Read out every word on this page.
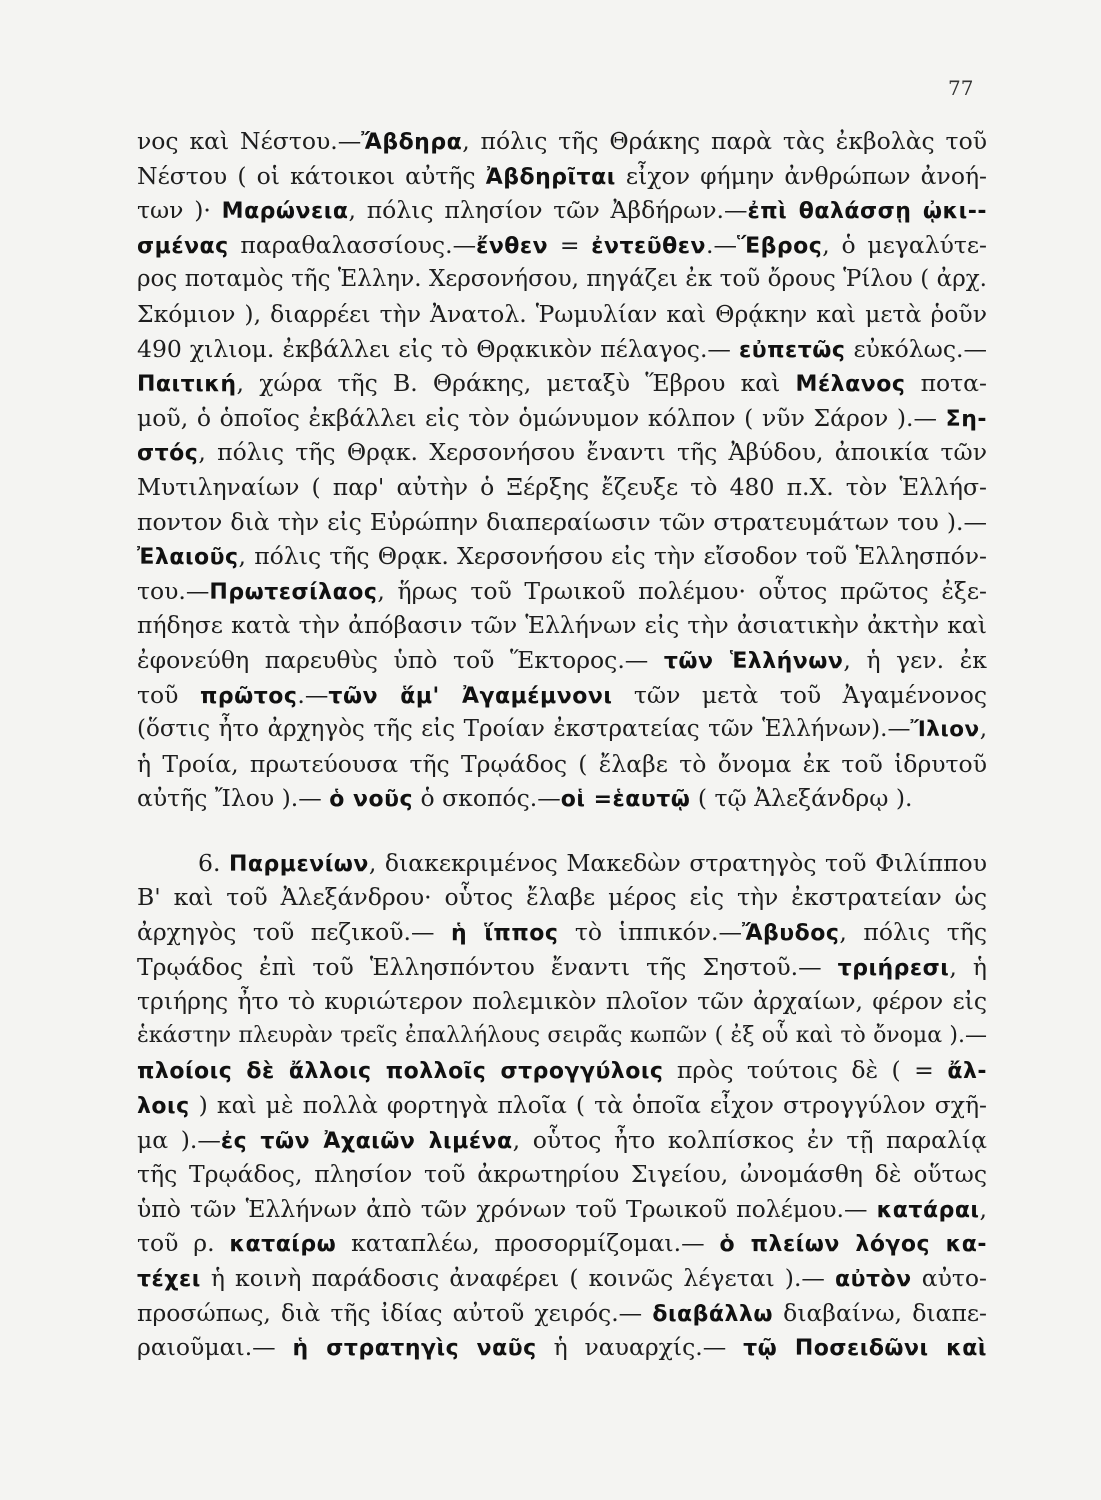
77
νος καὶ Νέστου.—Ἄβδηρα, πόλις τῆς Θράκης παρὰ τὰς ἐκβολὰς τοῦ
Νέστου ( οἱ κάτοικοι αὐτῆς Ἀβδηρῖται εἶχον φήμην ἀνθρώπων ἀνοή-
των )· Μαρώνεια, πόλις πλησίον τῶν Ἀβδήρων.—ἐπὶ θαλάσσῃ ᾠκι--
σμένας παραθαλασσίους.—ἔνθεν = ἐντεῦθεν.—Ἕβρος, ὁ μεγαλύτε-
ρος ποταμὸς τῆς Ἑλλην. Χερσονήσου, πηγάζει ἐκ τοῦ ὄρους Ῥίλου ( ἀρχ.
Σκόμιον ), διαρρέει τὴν Ἀνατολ. Ῥωμυλίαν καὶ Θρᾴκην καὶ μετὰ ῥοῦν
490 χιλιομ. ἐκβάλλει εἰς τὸ Θρᾳκικὸν πέλαγος.— εὐπετῶς εὐκόλως.—
Παιτική, χώρα τῆς Β. Θράκης, μεταξὺ Ἕβρου καὶ Μέλανος ποτα-
μοῦ, ὁ ὁποῖος ἐκβάλλει εἰς τὸν ὁμώνυμον κόλπον ( νῦν Σάρον ).— Ση-
στός, πόλις τῆς Θρᾳκ. Χερσονήσου ἔναντι τῆς Ἀβύδου, ἀποικία τῶν
Μυτιληναίων ( παρ' αὐτὴν ὁ Ξέρξης ἔζευξε τὸ 480 π.Χ. τὸν Ἑλλήσ-
ποντον διὰ τὴν εἰς Εὐρώπην διαπεραίωσιν τῶν στρατευμάτων του ).—
Ἐλαιοῦς, πόλις τῆς Θρᾳκ. Χερσονήσου εἰς τὴν εἴσοδον τοῦ Ἑλλησπόν-
του.—Πρωτεσίλαος, ἥρως τοῦ Τρωικοῦ πολέμου· οὗτος πρῶτος ἐξε-
πήδησε κατὰ τὴν ἀπόβασιν τῶν Ἑλλήνων εἰς τὴν ἀσιατικὴν ἀκτὴν καὶ
ἐφονεύθη παρευθὺς ὑπὸ τοῦ Ἕκτορος.— τῶν Ἑλλήνων, ἡ γεν. ἐκ
τοῦ πρῶτος.—τῶν ἅμ' Ἀγαμέμνονι τῶν μετὰ τοῦ Ἀγαμένονος
(ὅστις ἦτο ἀρχηγὸς τῆς εἰς Τροίαν ἐκστρατείας τῶν Ἑλλήνων).—Ἴλιον,
ἡ Τροία, πρωτεύουσα τῆς Τρῳάδος ( ἔλαβε τὸ ὄνομα ἐκ τοῦ ἱδρυτοῦ
αὐτῆς Ἴλου ).— ὁ νοῦς ὁ σκοπός.—οἱ =ἑαυτῷ ( τῷ Ἀλεξάνδρῳ ).
6. Παρμενίων, διακεκριμένος Μακεδὼν στρατηγὸς τοῦ Φιλίππου
Β' καὶ τοῦ Ἀλεξάνδρου· οὗτος ἔλαβε μέρος εἰς τὴν ἐκστρατείαν ὡς
ἀρχηγὸς τοῦ πεζικοῦ.— ἡ ἵππος τὸ ἱππικόν.—Ἄβυδος, πόλις τῆς
Τρῳάδος ἐπὶ τοῦ Ἑλλησπόντου ἔναντι τῆς Σηστοῦ.— τριήρεσι, ἡ
τριήρης ἦτο τὸ κυριώτερον πολεμικὸν πλοῖον τῶν ἀρχαίων, φέρον εἰς
ἑκάστην πλευρὰν τρεῖς ἐπαλλήλους σειρᾶς κωπῶν ( ἐξ οὗ καὶ τὸ ὄνομα ).—
πλοίοις δὲ ἄλλοις πολλοῖς στρογγύλοις πρὸς τούτοις δὲ ( = ἄλ-
λοις ) καὶ μὲ πολλὰ φορτηγὰ πλοῖα ( τὰ ὁποῖα εἶχον στρογγύλον σχῆ-
μα ).—ἐς τῶν Ἀχαιῶν λιμένα, οὗτος ἦτο κολπίσκος ἐν τῇ παραλίᾳ
τῆς Τρῳάδος, πλησίον τοῦ ἀκρωτηρίου Σιγείου, ὠνομάσθη δὲ οὕτως
ὑπὸ τῶν Ἑλλήνων ἀπὸ τῶν χρόνων τοῦ Τρωικοῦ πολέμου.— κατάραι,
τοῦ ρ. καταίρω καταπλέω, προσορμίζομαι.— ὁ πλείων λόγος κα-
τέχει ἡ κοινὴ παράδοσις ἀναφέρει ( κοινῶς λέγεται ).— αὐτὸν αὐτο-
προσώπως, διὰ τῆς ἰδίας αὐτοῦ χειρός.— διαβάλλω διαβαίνω, διαπε-
ραιοῦμαι.— ἡ στρατηγὶς ναῦς ἡ ναυαρχίς.— τῷ Ποσειδῶνι καὶ
